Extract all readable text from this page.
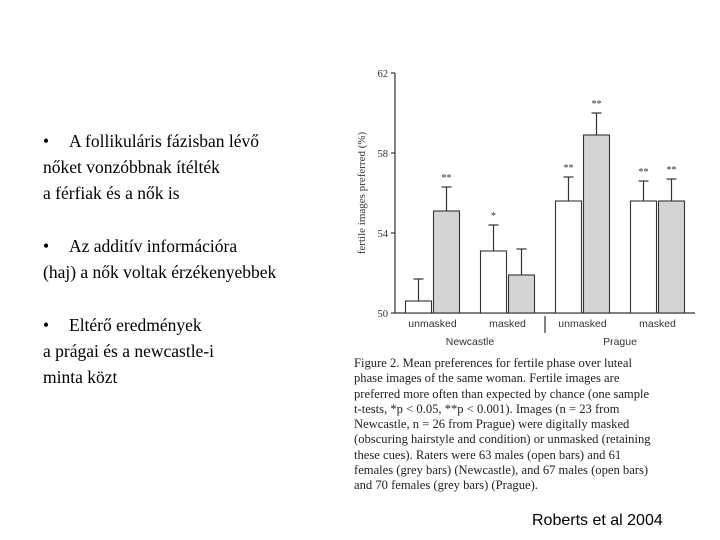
• A follikuláris fázisban lévő

nőket vonzóbbnak ítélték

a férfiak és a nők is

• Az additív információra

(haj) a nők voltak érzékenyebbek

• Eltérő eredmények

a prágai és a newcastle-i

minta közt

50
54
58
62
fertile images preferred (%)	**
unmasked
*
masked
**
**
unmasked
** **
masked
Newcastle	Prague

Figure 2. Mean preferences for fertile phase over luteal

phase images of the same woman. Fertile images are

preferred more often than expected by chance (one sample

t-tests, *p < 0.05, **p < 0.001). Images (n = 23 from

Newcastle, n = 26 from Prague) were digitally masked

(obscuring hairstyle and condition) or unmasked (retaining

these cues). Raters were 63 males (open bars) and 61

females (grey bars) (Newcastle), and 67 males (open bars)

and 70 females (grey bars) (Prague).

Roberts et al 2004
